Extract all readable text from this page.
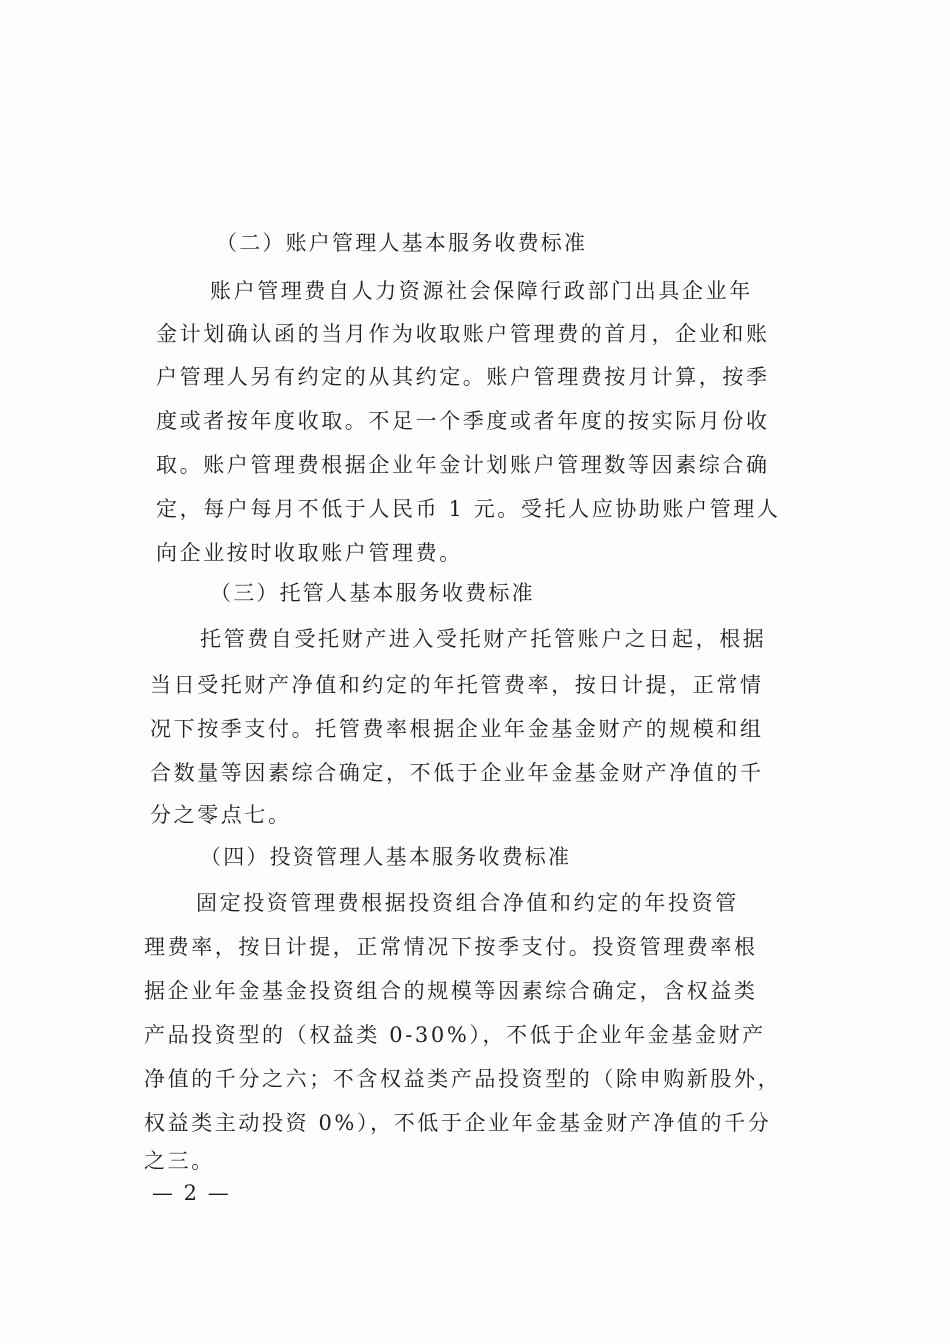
（二）账户管理人基本服务收费标准
账户管理费自人力资源社会保障行政部门出具企业年
金计划确认函的当月作为收取账户管理费的首月，企业和账
户管理人另有约定的从其约定。账户管理费按月计算，按季
度或者按年度收取。不足一个季度或者年度的按实际月份收
取。账户管理费根据企业年金计划账户管理数等因素综合确
定，每户每月不低于人民币 1 元。受托人应协助账户管理人
向企业按时收取账户管理费。
（三）托管人基本服务收费标准
托管费自受托财产进入受托财产托管账户之日起，根据
当日受托财产净值和约定的年托管费率，按日计提，正常情
况下按季支付。托管费率根据企业年金基金财产的规模和组
合数量等因素综合确定，不低于企业年金基金财产净值的千
分之零点七。
（四）投资管理人基本服务收费标准
固定投资管理费根据投资组合净值和约定的年投资管
理费率，按日计提，正常情况下按季支付。投资管理费率根
据企业年金基金投资组合的规模等因素综合确定，含权益类
产品投资型的（权益类 0-30%），不低于企业年金基金财产
净值的千分之六；不含权益类产品投资型的（除申购新股外，
权益类主动投资 0%），不低于企业年金基金财产净值的千分
之三。
— 2 —
